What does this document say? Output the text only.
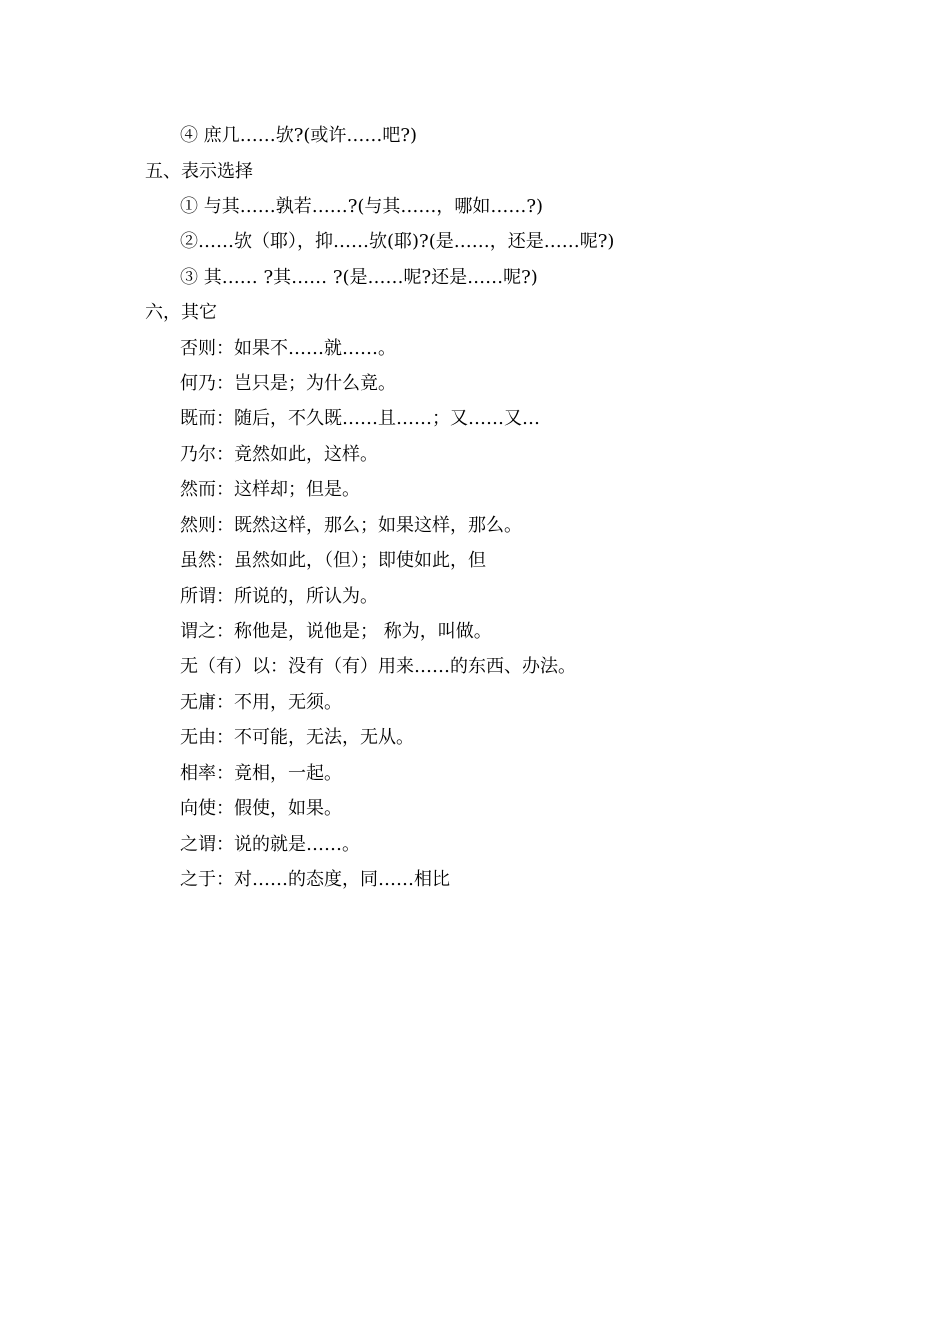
④ 庶几……欤?(或许……吧?)
五、表示选择
① 与其……孰若……?(与其……，哪如……?)
②……欤（耶），抑……欤(耶)?(是……，还是……呢?)
③ 其…… ?其…… ?(是……呢?还是……呢?)
六，其它
否则：如果不……就……。
何乃：岂只是；为什么竟。
既而：随后，不久既……且……；又……又…
乃尔：竟然如此，这样。
然而：这样却；但是。
然则：既然这样，那么；如果这样，那么。
虽然：虽然如此，（但）；即使如此，但
所谓：所说的，所认为。
谓之：称他是，说他是； 称为，叫做。
无（有）以：没有（有）用来……的东西、办法。
无庸：不用，无须。
无由：不可能，无法，无从。
相率：竟相，一起。
向使：假使，如果。
之谓：说的就是……。
之于：对……的态度，同……相比
